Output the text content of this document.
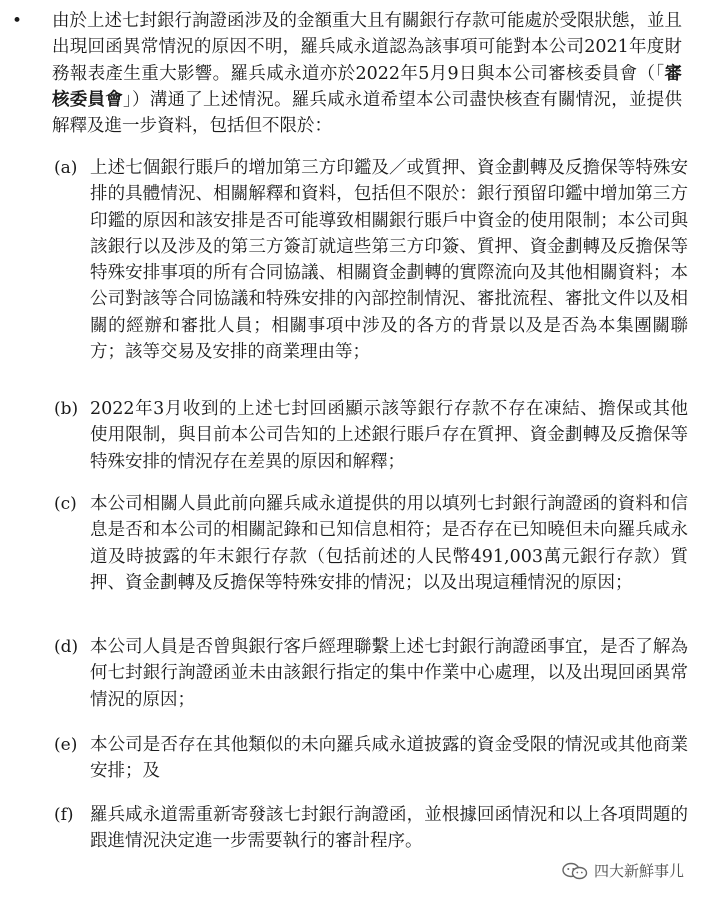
• 由於上述七封銀行詢證函涉及的金額重大且有關銀行存款可能處於受限狀態，並且出現回函異常情況的原因不明，羅兵咸永道認為該事項可能對本公司2021年度財務報表產生重大影響。羅兵咸永道亦於2022年5月9日與本公司審核委員會（「審核委員會」）溝通了上述情況。羅兵咸永道希望本公司盡快核查有關情況，並提供解釋及進一步資料，包括但不限於：

(a) 上述七個銀行賬戶的增加第三方印鑑及／或質押、資金劃轉及反擔保等特殊安排的具體情況、相關解釋和資料，包括但不限於：銀行預留印鑑中增加第三方印鑑的原因和該安排是否可能導致相關銀行賬戶中資金的使用限制；本公司與該銀行以及涉及的第三方簽訂就這些第三方印簽、質押、資金劃轉及反擔保等特殊安排事項的所有合同協議、相關資金劃轉的實際流向及其他相關資料；本公司對該等合同協議和特殊安排的內部控制情況、審批流程、審批文件以及相關的經辦和審批人員；相關事項中涉及的各方的背景以及是否為本集團關聯方；該等交易及安排的商業理由等；

(b) 2022年3月收到的上述七封回函顯示該等銀行存款不存在凍結、擔保或其他使用限制，與目前本公司告知的上述銀行賬戶存在質押、資金劃轉及反擔保等特殊安排的情況存在差異的原因和解釋；

(c) 本公司相關人員此前向羅兵咸永道提供的用以填列七封銀行詢證函的資料和信息是否和本公司的相關記錄和已知信息相符；是否存在已知曉但未向羅兵咸永道及時披露的年末銀行存款（包括前述的人民幣491,003萬元銀行存款）質押、資金劃轉及反擔保等特殊安排的情況；以及出現這種情況的原因；

(d) 本公司人員是否曾與銀行客戶經理聯繫上述七封銀行詢證函事宜，是否了解為何七封銀行詢證函並未由該銀行指定的集中作業中心處理，以及出現回函異常情況的原因；

(e) 本公司是否存在其他類似的未向羅兵咸永道披露的資金受限的情況或其他商業安排；及

(f) 羅兵咸永道需重新寄發該七封銀行詢證函，並根據回函情況和以上各項問題的跟進情況決定進一步需要執行的審計程序。

四大新鮮事儿
